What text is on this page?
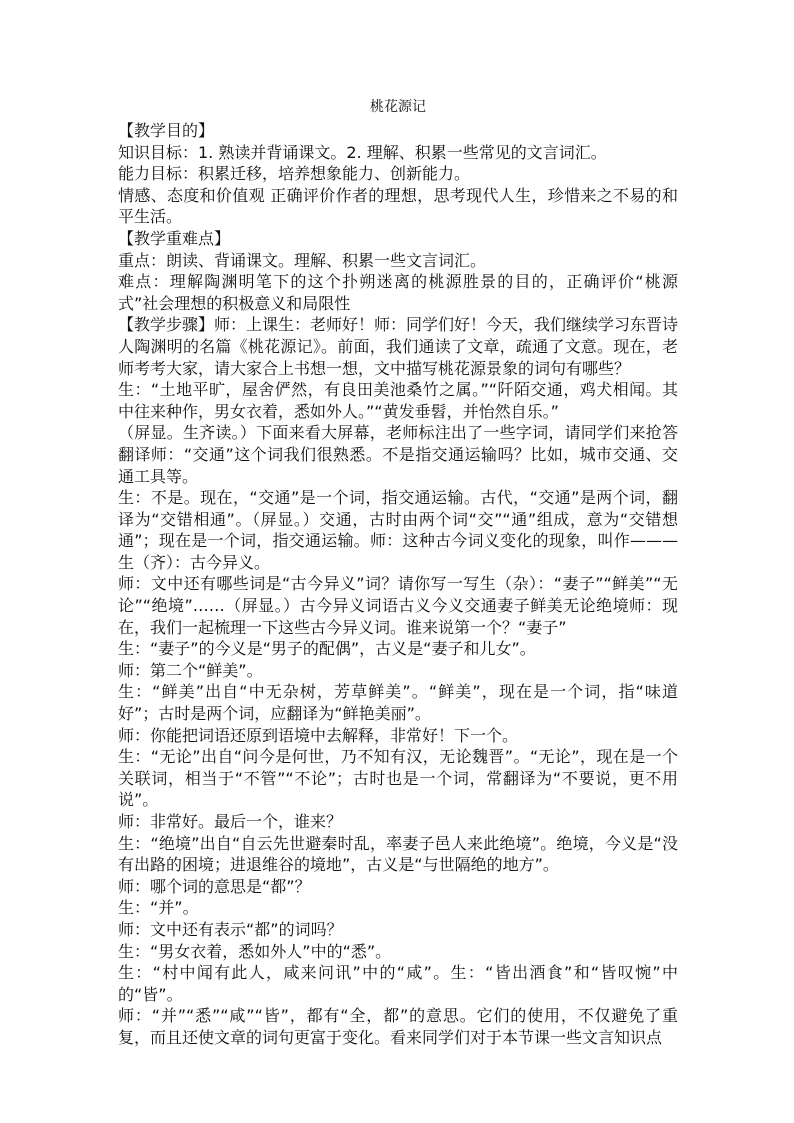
桃花源记

【教学目的】

知识目标：1. 熟读并背诵课文。2. 理解、积累一些常见的文言词汇。

能力目标：积累迁移，培养想象能力、创新能力。

情感、态度和价值观 正确评价作者的理想，思考现代人生，珍惜来之不易的和平生活。

【教学重难点】

重点：朗读、背诵课文。理解、积累一些文言词汇。

难点：理解陶渊明笔下的这个扑朔迷离的桃源胜景的目的，正确评价“桃源式”社会理想的积极意义和局限性

【教学步骤】师：上课生：老师好！师：同学们好！今天，我们继续学习东晋诗人陶渊明的名篇《桃花源记》。前面，我们通读了文章，疏通了文意。现在，老师考考大家，请大家合上书想一想，文中描写桃花源景象的词句有哪些？

生：“土地平旷，屋舍俨然，有良田美池桑竹之属。”“阡陌交通，鸡犬相闻。其中往来种作，男女衣着，悉如外人。”“黄发垂髫，并怡然自乐。”

（屏显。生齐读。）下面来看大屏幕，老师标注出了一些字词，请同学们来抢答翻译师：“交通”这个词我们很熟悉。不是指交通运输吗？比如，城市交通、交通工具等。

生：不是。现在，“交通”是一个词，指交通运输。古代，“交通”是两个词，翻译为“交错相通”。（屏显。）交通，古时由两个词“交”“通”组成，意为“交错想通”；现在是一个词，指交通运输。师：这种古今词义变化的现象，叫作———生（齐）：古今异义。

师：文中还有哪些词是“古今异义”词？请你写一写生（杂）：“妻子”“鲜美”“无论”“绝境”……（屏显。）古今异义词语古义今义交通妻子鲜美无论绝境师：现在，我们一起梳理一下这些古今异义词。谁来说第一个？“妻子”

生：“妻子”的今义是“男子的配偶”，古义是“妻子和儿女”。

师：第二个“鲜美”。

生：“鲜美”出自“中无杂树，芳草鲜美”。“鲜美”，现在是一个词，指“味道好”；古时是两个词，应翻译为“鲜艳美丽”。

师：你能把词语还原到语境中去解释，非常好！下一个。

生：“无论”出自“问今是何世，乃不知有汉，无论魏晋”。“无论”，现在是一个关联词，相当于“不管”“不论”；古时也是一个词，常翻译为“不要说，更不用说”。

师：非常好。最后一个，谁来？

生：“绝境”出自“自云先世避秦时乱，率妻子邑人来此绝境”。绝境，今义是“没有出路的困境；进退维谷的境地”，古义是“与世隔绝的地方”。

师：哪个词的意思是“都”？

生：“并”。

师：文中还有表示“都”的词吗？

生：“男女衣着，悉如外人”中的“悉”。

生：“村中闻有此人，咸来问讯”中的“咸”。生：“皆出酒食”和“皆叹惋”中的“皆”。

师：“并”“悉”“咸”“皆”，都有“全，都”的意思。它们的使用，不仅避免了重复，而且还使文章的词句更富于变化。看来同学们对于本节课一些文言知识点
